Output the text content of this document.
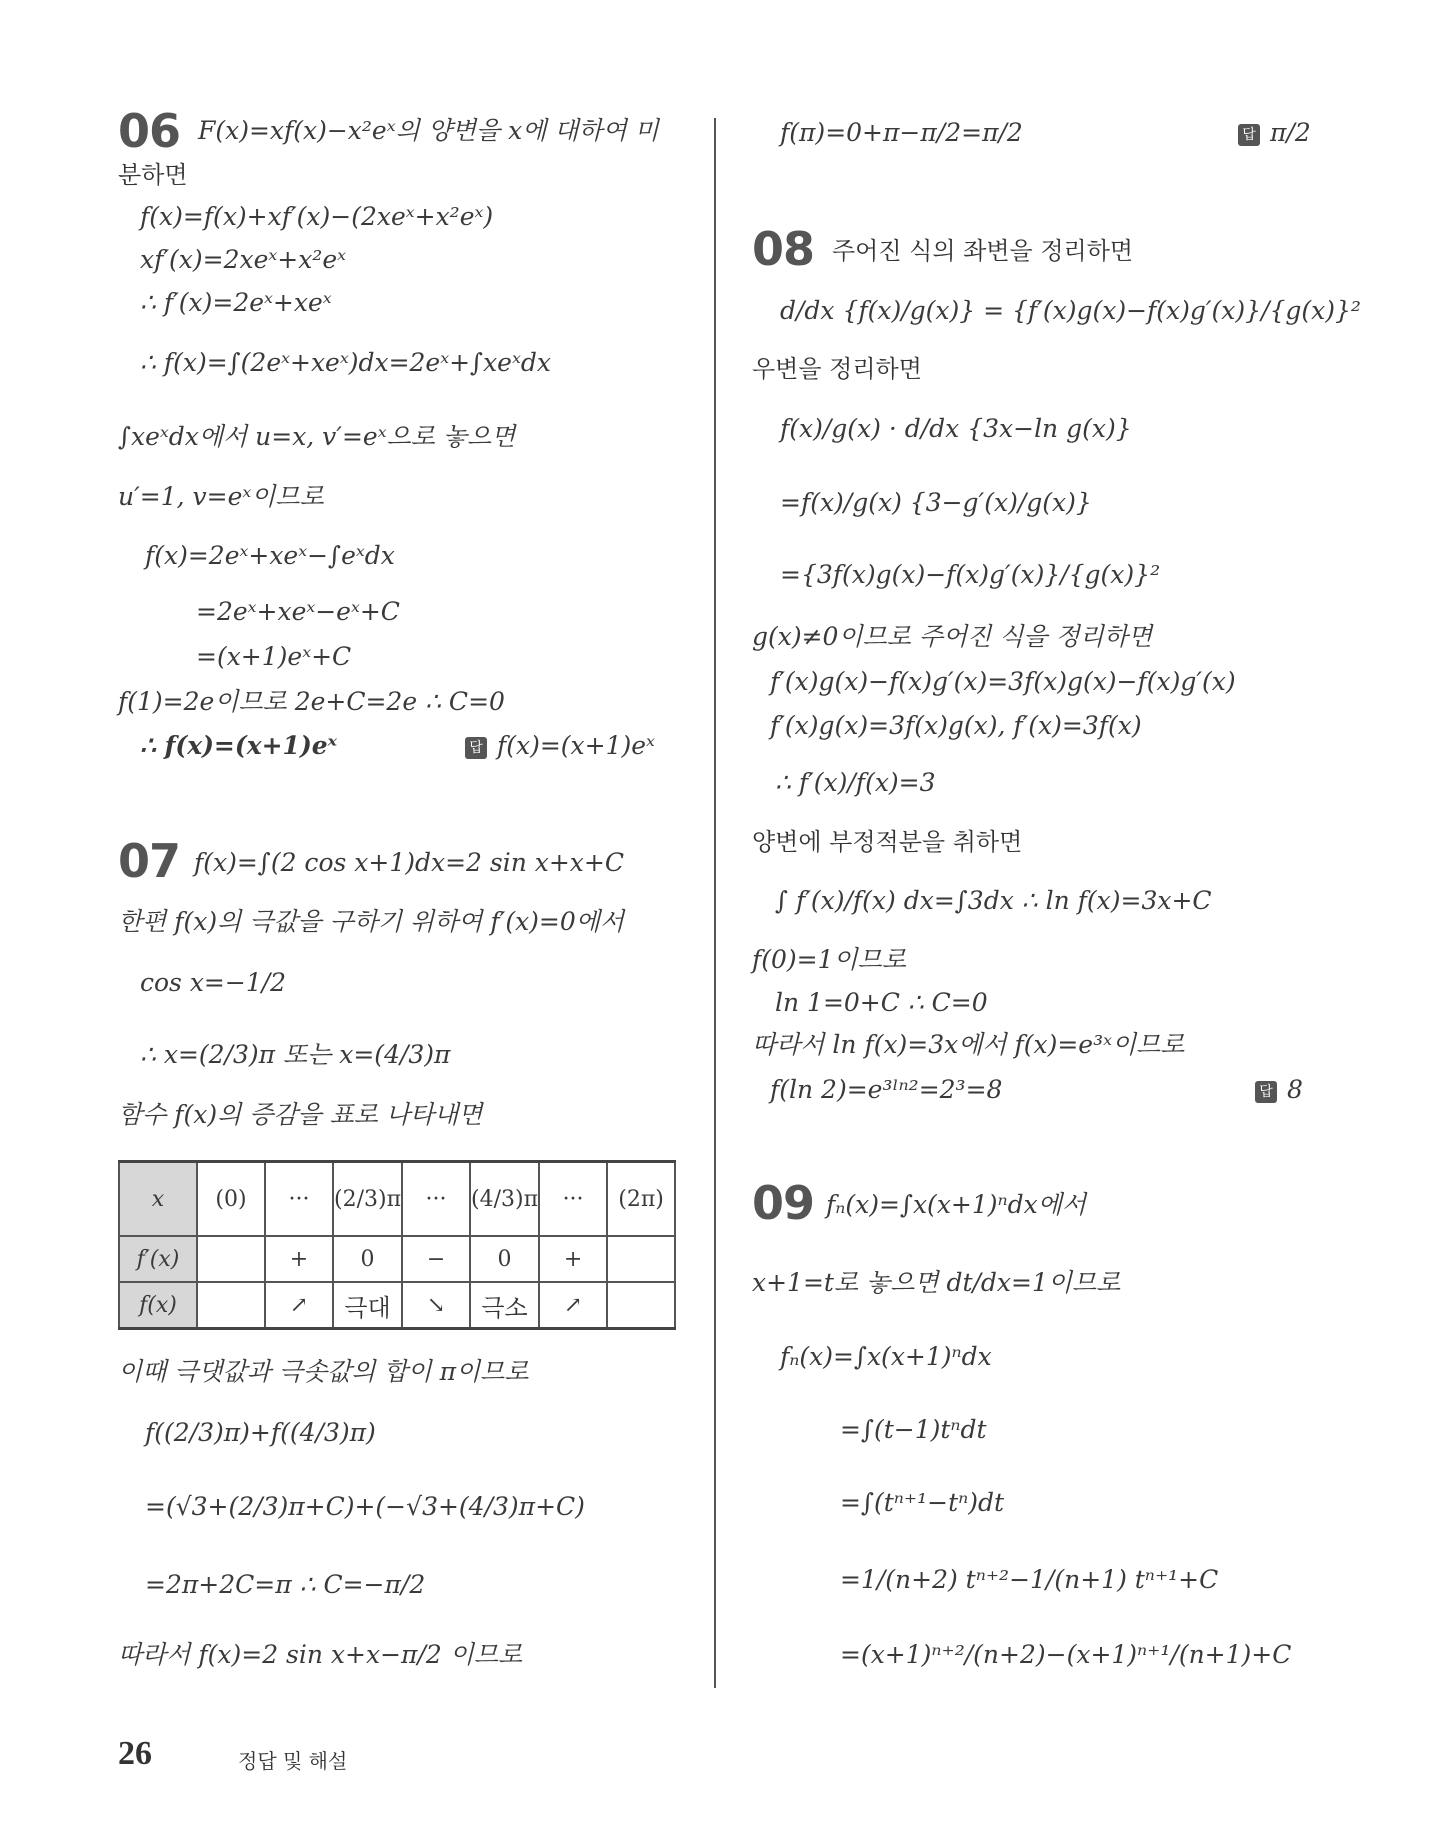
06 F(x)=xf(x)−x²eˣ의 양변을 x에 대하여 미
분하면
f(x)=f(x)+xf′(x)−(2xeˣ+x²eˣ)
xf′(x)=2xeˣ+x²eˣ
∴ f′(x)=2eˣ+xeˣ
∴ f(x)=∫(2eˣ+xeˣ)dx=2eˣ+∫xeˣdx
∫xeˣdx에서 u=x, v′=eˣ으로 놓으면
u′=1, v=eˣ이므로
f(x)=2eˣ+xeˣ−∫eˣdx
=2eˣ+xeˣ−eˣ+C
=(x+1)eˣ+C
f(1)=2e이므로 2e+C=2e ∴ C=0
∴ f(x)=(x+1)eˣ	답 f(x)=(x+1)eˣ
07 f(x)=∫(2 cos x+1)dx=2 sin x+x+C
한편 f(x)의 극값을 구하기 위하여 f′(x)=0에서
cos x=−1/2
∴ x=(2/3)π 또는 x=(4/3)π
함수 f(x)의 증감을 표로 나타내면
x	(0)	···	(2/3)π	···	(4/3)π	···	(2π)
f′(x)		+	0	−	0	+	
f(x)		↗	극대	↘	극소	↗	
이때 극댓값과 극솟값의 합이 π이므로
f((2/3)π)+f((4/3)π)
=(√3+(2/3)π+C)+(−√3+(4/3)π+C)
=2π+2C=π ∴ C=−π/2
따라서 f(x)=2 sin x+x−π/2 이므로
f(π)=0+π−π/2=π/2	답 π/2
08 주어진 식의 좌변을 정리하면
d/dx {f(x)/g(x)} = {f′(x)g(x)−f(x)g′(x)}/{g(x)}²
우변을 정리하면
f(x)/g(x) · d/dx {3x−ln g(x)}
=f(x)/g(x) {3−g′(x)/g(x)}
={3f(x)g(x)−f(x)g′(x)}/{g(x)}²
g(x)≠0이므로 주어진 식을 정리하면
f′(x)g(x)−f(x)g′(x)=3f(x)g(x)−f(x)g′(x)
f′(x)g(x)=3f(x)g(x), f′(x)=3f(x)
∴ f′(x)/f(x)=3
양변에 부정적분을 취하면
∫ f′(x)/f(x) dx=∫3dx ∴ ln f(x)=3x+C
f(0)=1이므로
ln 1=0+C ∴ C=0
따라서 ln f(x)=3x에서 f(x)=e³ˣ이므로
f(ln 2)=e³ˡⁿ²=2³=8	답 8
09 fₙ(x)=∫x(x+1)ⁿdx에서
x+1=t로 놓으면 dt/dx=1이므로
fₙ(x)=∫x(x+1)ⁿdx
=∫(t−1)tⁿdt
=∫(tⁿ⁺¹−tⁿ)dt
=1/(n+2) tⁿ⁺²−1/(n+1) tⁿ⁺¹+C
=(x+1)ⁿ⁺²/(n+2)−(x+1)ⁿ⁺¹/(n+1)+C
26	정답 및 해설
